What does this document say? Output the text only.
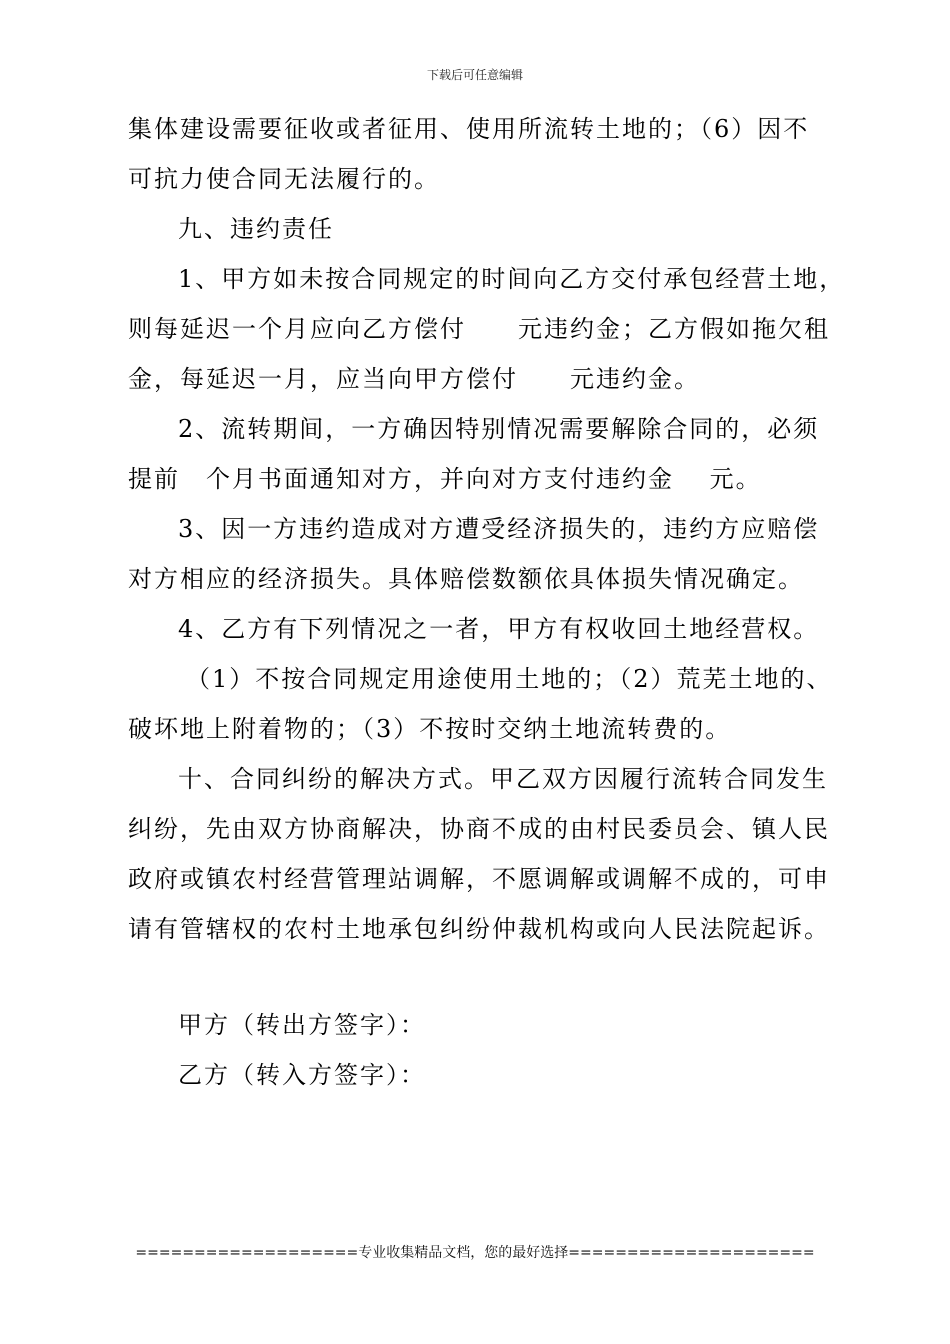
下载后可任意编辑

集体建设需要征收或者征用、使用所流转土地的；（6）因不

可抗力使合同无法履行的。

九、违约责任

1、甲方如未按合同规定的时间向乙方交付承包经营土地，

则每延迟一个月应向乙方偿付　　元违约金；乙方假如拖欠租

金，每延迟一月，应当向甲方偿付　　元违约金。

2、流转期间，一方确因特别情况需要解除合同的，必须

提前　个月书面通知对方，并向对方支付违约金　 元。

3、因一方违约造成对方遭受经济损失的，违约方应赔偿

对方相应的经济损失。具体赔偿数额依具体损失情况确定。

4、乙方有下列情况之一者，甲方有权收回土地经营权。

（1）不按合同规定用途使用土地的；（2）荒芜土地的、

破坏地上附着物的；（3）不按时交纳土地流转费的。

十、合同纠纷的解决方式。甲乙双方因履行流转合同发生

纠纷，先由双方协商解决，协商不成的由村民委员会、镇人民

政府或镇农村经营管理站调解，不愿调解或调解不成的，可申

请有管辖权的农村土地承包纠纷仲裁机构或向人民法院起诉。

甲方（转出方签字）：

乙方（转入方签字）：

===================专业收集精品文档，您的最好选择=====================
